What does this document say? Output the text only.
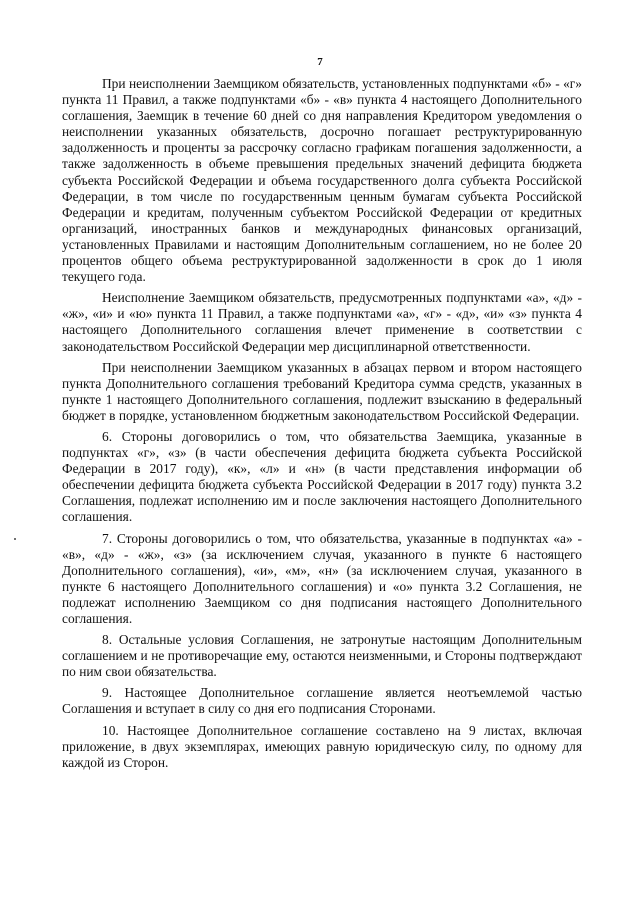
7

При неисполнении Заемщиком обязательств, установленных подпунктами «б» - «г» пункта 11 Правил, а также подпунктами «б» - «в» пункта 4 настоящего Дополнительного соглашения, Заемщик в течение 60 дней со дня направления Кредитором уведомления о неисполнении указанных обязательств, досрочно погашает реструктурированную задолженность и проценты за рассрочку согласно графикам погашения задолженности, а также задолженность в объеме превышения предельных значений дефицита бюджета субъекта Российской Федерации и объема государственного долга субъекта Российской Федерации, в том числе по государственным ценным бумагам субъекта Российской Федерации и кредитам, полученным субъектом Российской Федерации от кредитных организаций, иностранных банков и международных финансовых организаций, установленных Правилами и настоящим Дополнительным соглашением, но не более 20 процентов общего объема реструктурированной задолженности в срок до 1 июля текущего года.

Неисполнение Заемщиком обязательств, предусмотренных подпунктами «а», «д» - «ж», «и» и «ю» пункта 11 Правил, а также подпунктами «а», «г» - «д», «и» «з» пункта 4 настоящего Дополнительного соглашения влечет применение в соответствии с законодательством Российской Федерации мер дисциплинарной ответственности.

При неисполнении Заемщиком указанных в абзацах первом и втором настоящего пункта Дополнительного соглашения требований Кредитора сумма средств, указанных в пункте 1 настоящего Дополнительного соглашения, подлежит взысканию в федеральный бюджет в порядке, установленном бюджетным законодательством Российской Федерации.

6. Стороны договорились о том, что обязательства Заемщика, указанные в подпунктах «г», «з» (в части обеспечения дефицита бюджета субъекта Российской Федерации в 2017 году), «к», «л» и «н» (в части представления информации об обеспечении дефицита бюджета субъекта Российской Федерации в 2017 году) пункта 3.2 Соглашения, подлежат исполнению им и после заключения настоящего Дополнительного соглашения.

7. Стороны договорились о том, что обязательства, указанные в подпунктах «а» - «в», «д» - «ж», «з» (за исключением случая, указанного в пункте 6 настоящего Дополнительного соглашения), «и», «м», «н» (за исключением случая, указанного в пункте 6 настоящего Дополнительного соглашения) и «о» пункта 3.2 Соглашения, не подлежат исполнению Заемщиком со дня подписания настоящего Дополнительного соглашения.

8. Остальные условия Соглашения, не затронутые настоящим Дополнительным соглашением и не противоречащие ему, остаются неизменными, и Стороны подтверждают по ним свои обязательства.

9. Настоящее Дополнительное соглашение является неотъемлемой частью Соглашения и вступает в силу со дня его подписания Сторонами.

10. Настоящее Дополнительное соглашение составлено на 9 листах, включая приложение, в двух экземплярах, имеющих равную юридическую силу, по одному для каждой из Сторон.
